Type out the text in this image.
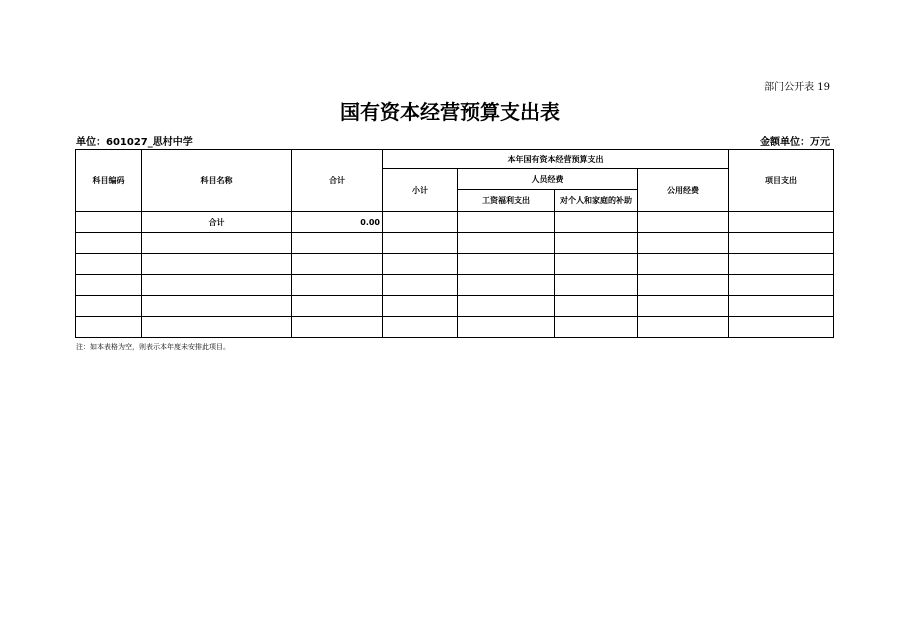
部门公开表 19
国有资本经营预算支出表
单位：601027_思村中学	金额单位：万元
科目编码	科目名称	合计	本年国有资本经营预算支出				项目支出
			小计	人员经费		公用经费	
				工资福利支出	对个人和家庭的补助		
	合计	0.00					

注：如本表格为空，则表示本年度未安排此项目。
